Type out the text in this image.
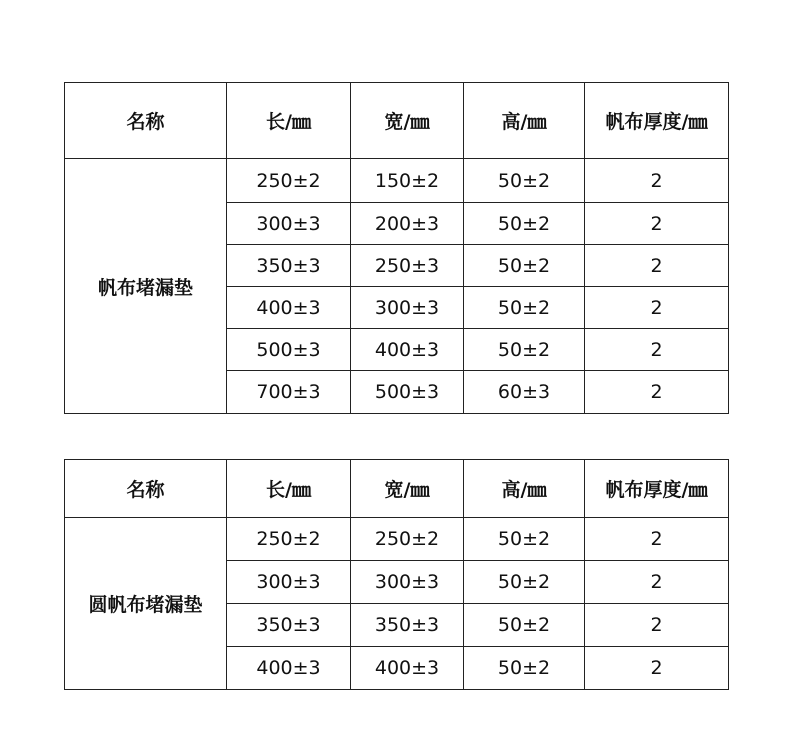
名称	长/㎜	宽/㎜	高/㎜	帆布厚度/㎜
帆布堵漏垫	250±2	150±2	50±2	2
	300±3	200±3	50±2	2
	350±3	250±3	50±2	2
	400±3	300±3	50±2	2
	500±3	400±3	50±2	2
	700±3	500±3	60±3	2
名称	长/㎜	宽/㎜	高/㎜	帆布厚度/㎜
圆帆布堵漏垫	250±2	250±2	50±2	2
	300±3	300±3	50±2	2
	350±3	350±3	50±2	2
	400±3	400±3	50±2	2
